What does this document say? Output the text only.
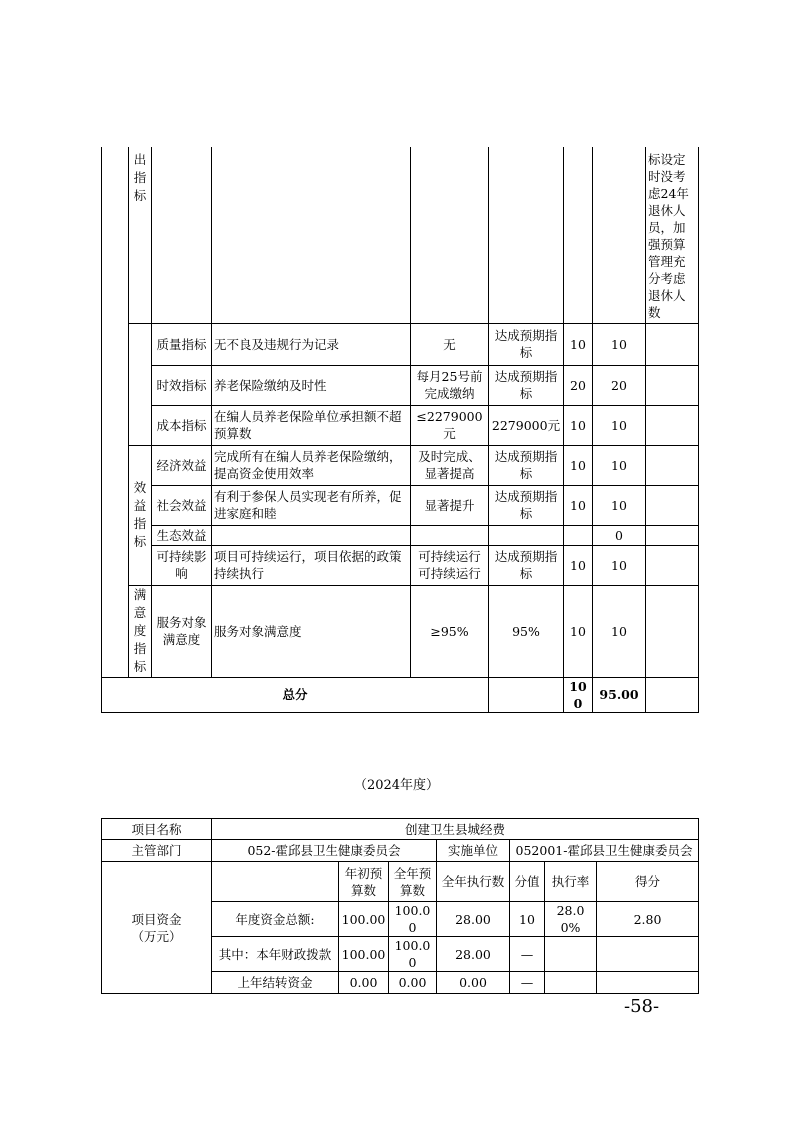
	出指标							标设定时没考虑24年退休人员，加强预算管理充分考虑退休人数
		质量指标	无不良及违规行为记录	无	达成预期指标	10	10	
		时效指标	养老保险缴纳及时性	每月25号前完成缴纳	达成预期指标	20	20	
		成本指标	在编人员养老保险单位承担额不超预算数	≤2279000元	2279000元	10	10	

	效益指标	经济效益	完成所有在编人员养老保险缴纳，提高资金使用效率	及时完成、显著提高	达成预期指标	10	10	
		社会效益	有利于参保人员实现老有所养，促进家庭和睦	显著提升	达成预期指标	10	10	
		生态效益					0	
		可持续影响	项目可持续运行，项目依据的政策持续执行	可持续运行可持续运行	达成预期指标	10	10	

	满意度指标	服务对象满意度	服务对象满意度	≥95%	95%	10	10	
总分						100	95.00	
（2024年度）
项目名称	创建卫生县城经费						
主管部门	052-霍邱县卫生健康委员会			实施单位	052001-霍邱县卫生健康委员会		

项目资金（万元）		年初预算数	全年预算数	全年执行数	分值	执行率	得分
	年度资金总额:	100.00	100.00	28.00	10	28.00%	2.80
	其中：本年财政拨款	100.00	100.00	28.00	—		
	上年结转资金	0.00	0.00	0.00	—		
-58-
